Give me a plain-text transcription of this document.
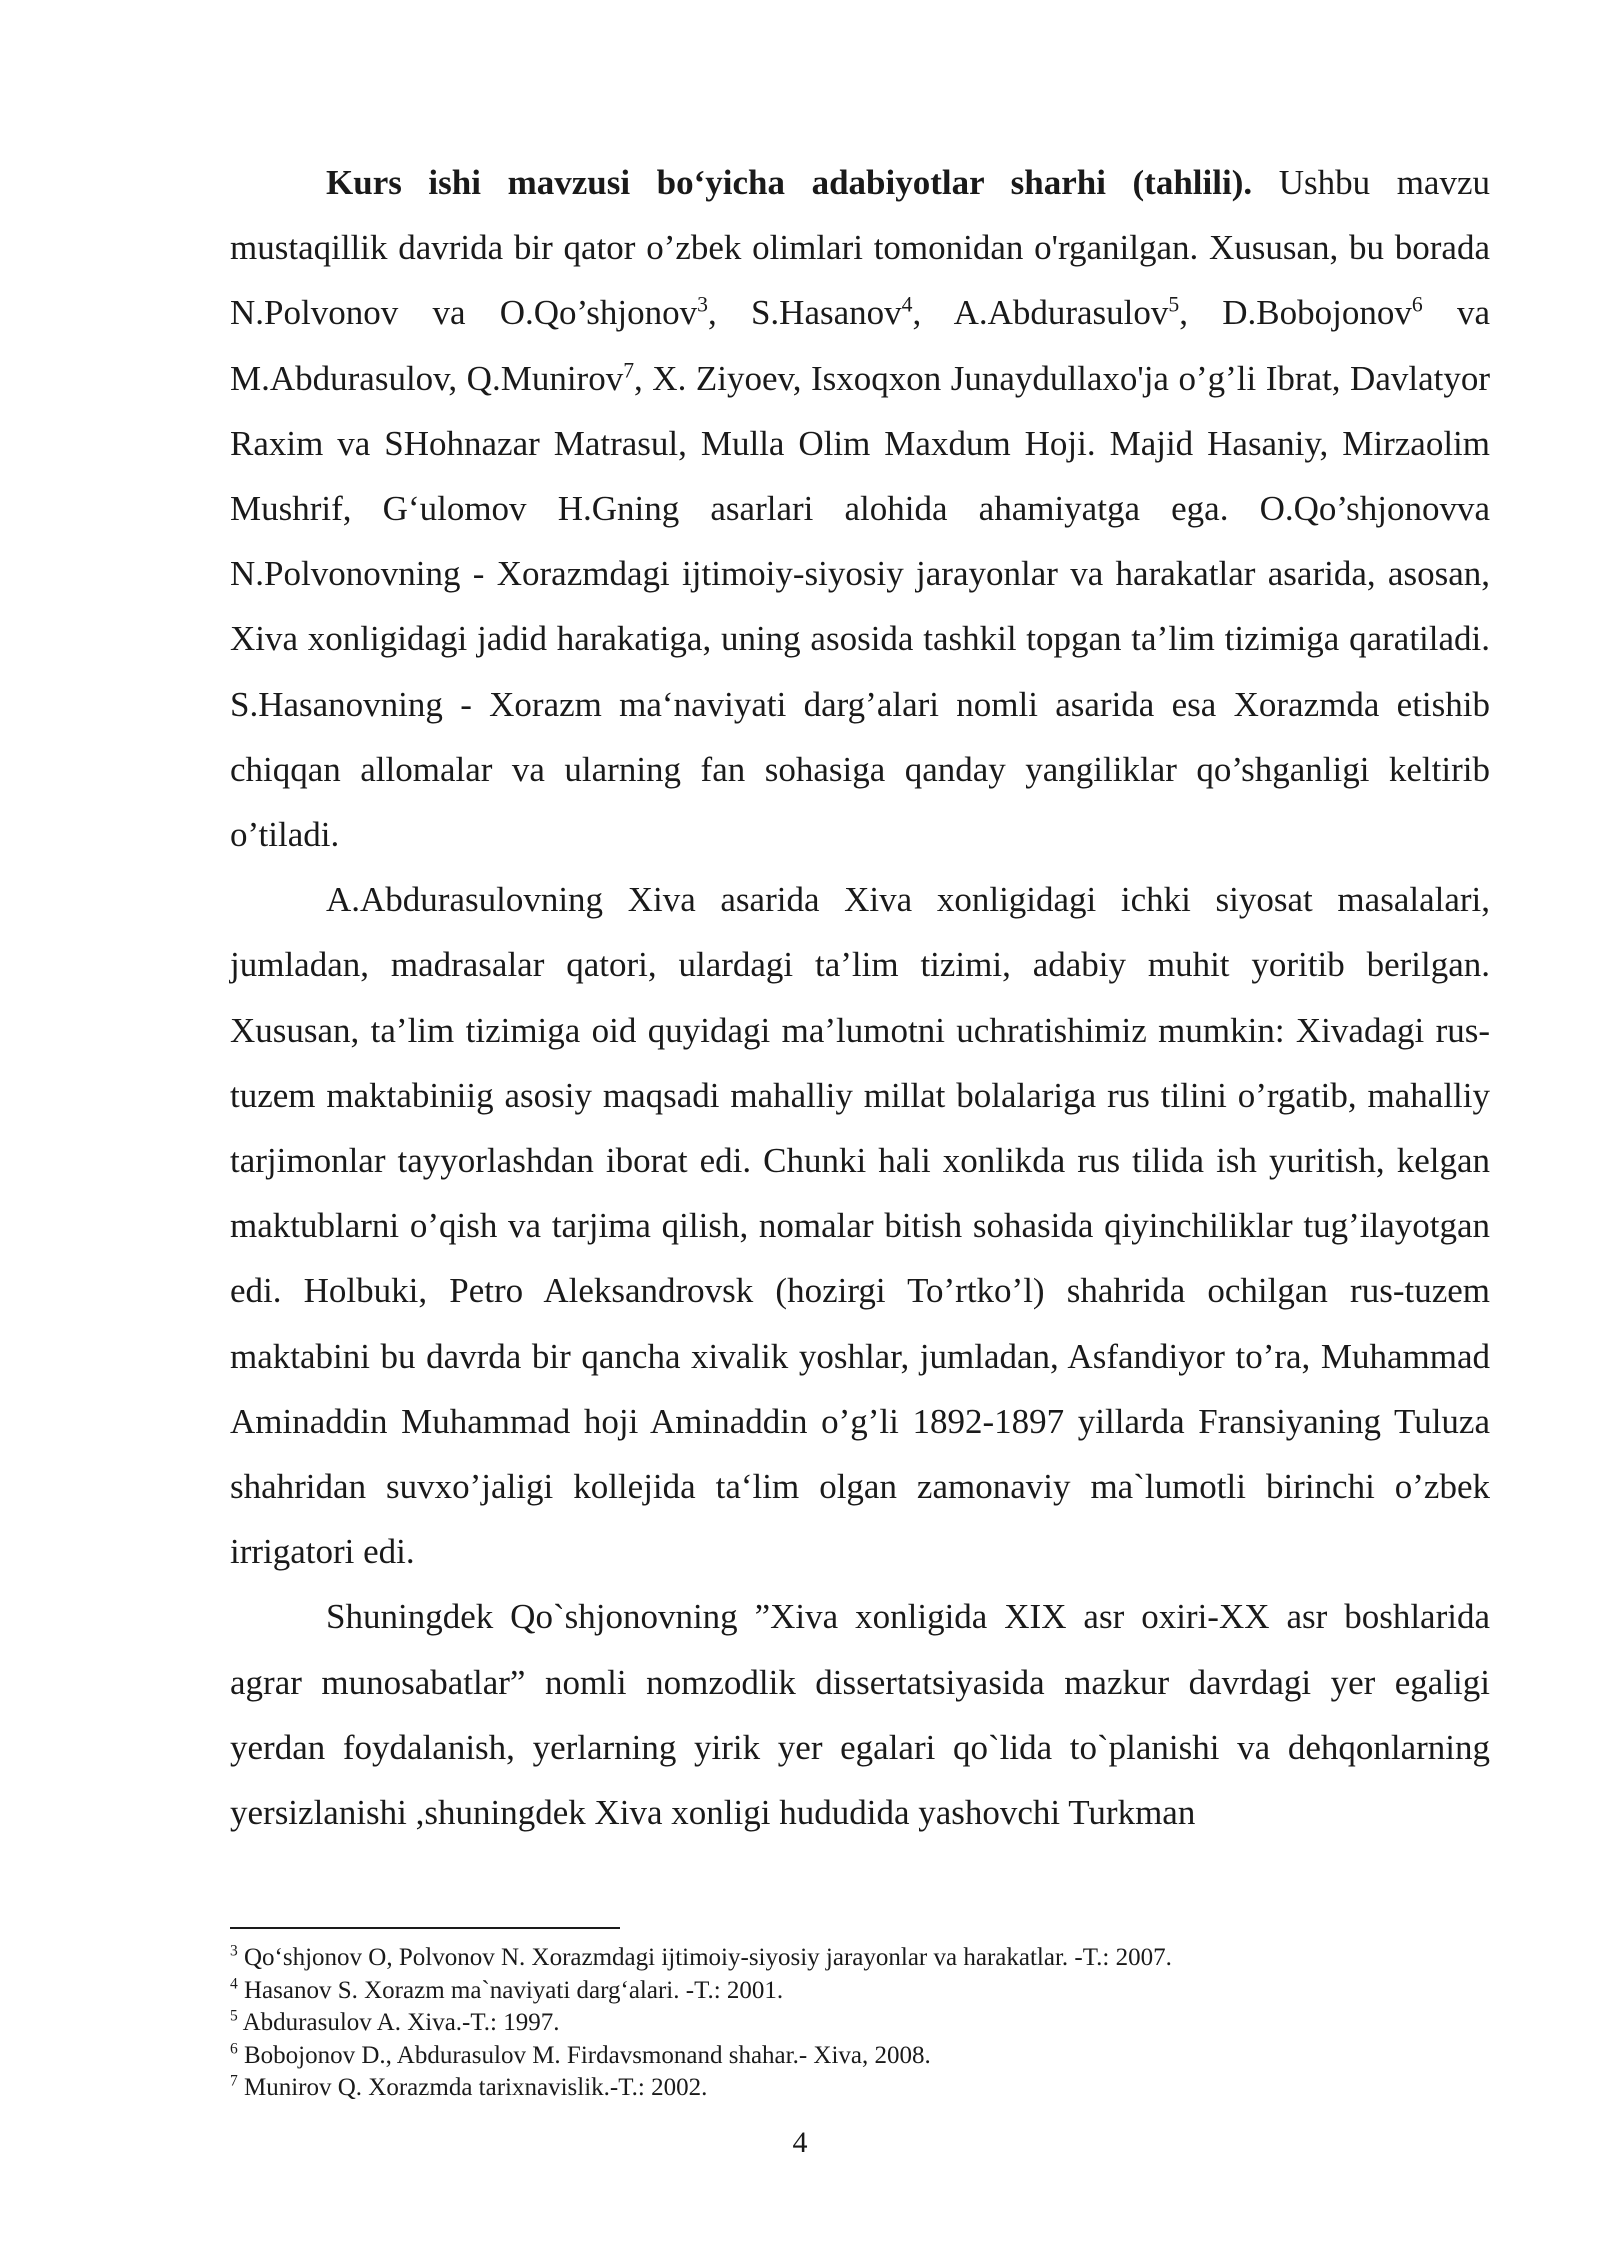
Kurs ishi mavzusi bo‘yicha adabiyotlar sharhi (tahlili). Ushbu mavzu mustaqillik davrida bir qator o’zbek olimlari tomonidan o'rganilgan. Xususan, bu borada N.Polvonov va O.Qo’shjonov$^3$, S.Hasanov$^4$, A.Abdurasulov$^5$, D.Bobojonov$^6$ va M.Abdurasulov, Q.Munirov$^7$, X. Ziyoev, Isxoqxon Junaydullaxo'ja o’g’li Ibrat, Davlatyor Raxim va SHohnazar Matrasul, Mulla Olim Maxdum Hoji. Majid Hasaniy, Mirzaolim Mushrif, G‘ulomov H.Gning asarlari alohida ahamiyatga ega. O.Qo’shjonovva N.Polvonovning - Xorazmdagi ijtimoiy-siyosiy jarayonlar va harakatlar asarida, asosan, Xiva xonligidagi jadid harakatiga, uning asosida tashkil topgan ta’lim tizimiga qaratiladi. S.Hasanovning - Xorazm ma‘naviyati darg’alari nomli asarida esa Xorazmda etishib chiqqan allomalar va ularning fan sohasiga qanday yangiliklar qo’shganligi keltirib o’tiladi.

A.Abdurasulovning Xiva asarida Xiva xonligidagi ichki siyosat masalalari, jumladan, madrasalar qatori, ulardagi ta’lim tizimi, adabiy muhit yoritib berilgan. Xususan, ta’lim tizimiga oid quyidagi ma’lumotni uchratishimiz mumkin: Xivadagi rus-tuzem maktabiniig asosiy maqsadi mahalliy millat bolalariga rus tilini o’rgatib, mahalliy tarjimonlar tayyorlashdan iborat edi. Chunki hali xonlikda rus tilida ish yuritish, kelgan maktublarni o’qish va tarjima qilish, nomalar bitish sohasida qiyinchiliklar tug’ilayotgan edi. Holbuki, Petro Aleksandrovsk (hozirgi To’rtko’l) shahrida ochilgan rus-tuzem maktabini bu davrda bir qancha xivalik yoshlar, jumladan, Asfandiyor to’ra, Muhammad Aminaddin Muhammad hoji Aminaddin o’g’li 1892-1897 yillarda Fransiyaning Tuluza shahridan suvxo’jaligi kollejida ta‘lim olgan zamonaviy ma`lumotli birinchi o’zbek irrigatori edi.

Shuningdek Qo`shjonovning ”Xiva xonligida XIX asr oxiri-XX asr boshlarida agrar munosabatlar” nomli nomzodlik dissertatsiyasida mazkur davrdagi yer egaligi yerdan foydalanish, yerlarning yirik yer egalari qo`lida to`planishi va dehqonlarning yersizlanishi ,shuningdek Xiva xonligi hududida yashovchi Turkman

$^3$ Qo‘shjonov O, Polvonov N. Xorazmdagi ijtimoiy-siyosiy jarayonlar va harakatlar. -T.: 2007.

$^4$ Hasanov S. Xorazm ma`naviyati darg‘alari. -T.: 2001.

$^5$ Abdurasulov A. Xiva.-T.: 1997.

$^6$ Bobojonov D., Abdurasulov M. Firdavsmonand shahar.- Xiva, 2008.

$^7$ Munirov Q. Xorazmda tarixnavislik.-T.: 2002.

4
